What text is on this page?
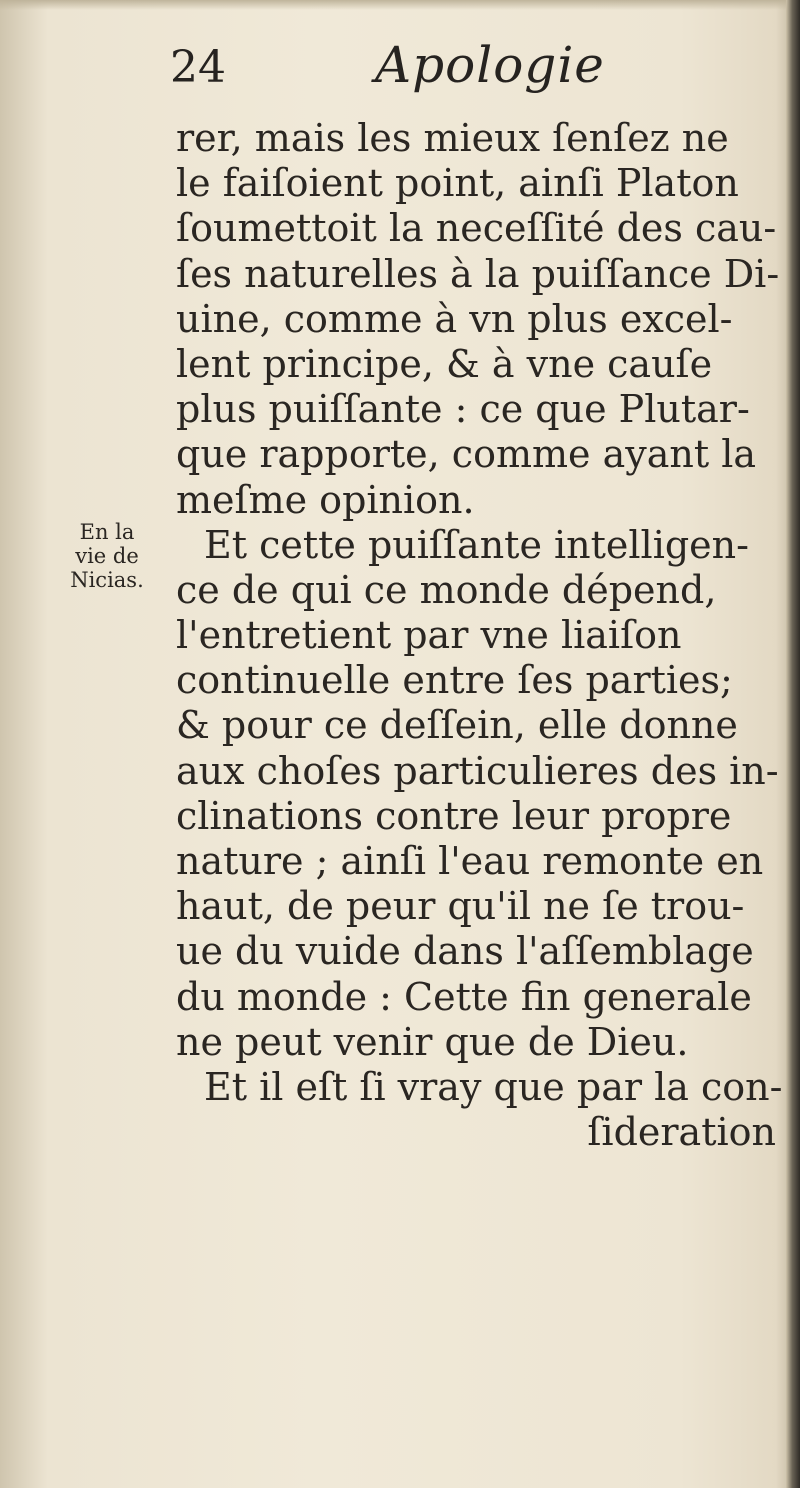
24	Apologie
En la
vie de
Nicias.
rer, mais les mieux ſenſez ne
le faiſoient point, ainſi Platon
ſoumettoit la neceſſité des cau-
ſes naturelles à la puiſſance Di-
uine, comme à vn plus excel-
lent principe, & à vne cauſe
plus puiſſante : ce que Plutar-
que rapporte, comme ayant la
meſme opinion.
Et cette puiſſante intelligen-
ce de qui ce monde dépend,
l'entretient par vne liaiſon
continuelle entre ſes parties;
& pour ce deſſein, elle donne
aux choſes particulieres des in-
clinations contre leur propre
nature ; ainſi l'eau remonte en
haut, de peur qu'il ne ſe trou-
ue du vuide dans l'aſſemblage
du monde : Cette fin generale
ne peut venir que de Dieu.
Et il eſt ſi vray que par la con-
ſideration
